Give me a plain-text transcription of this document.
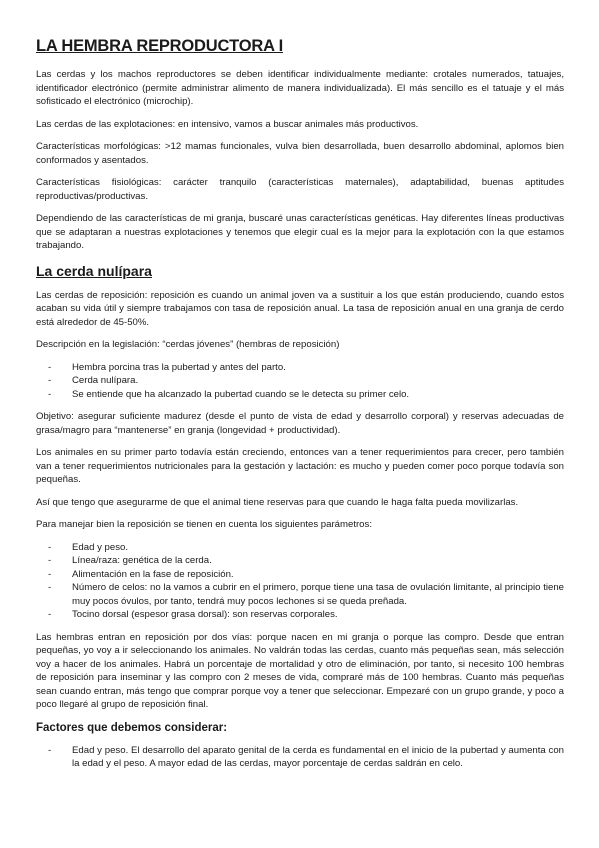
LA HEMBRA REPRODUCTORA I

Las cerdas y los machos reproductores se deben identificar individualmente mediante: crotales numerados, tatuajes, identificador electrónico (permite administrar alimento de manera individualizada). El más sencillo es el tatuaje y el más sofisticado el electrónico (microchip).

Las cerdas de las explotaciones: en intensivo, vamos a buscar animales más productivos.

Características morfológicas: >12 mamas funcionales, vulva bien desarrollada, buen desarrollo abdominal, aplomos bien conformados y asentados.

Características fisiológicas: carácter tranquilo (características maternales), adaptabilidad, buenas aptitudes reproductivas/productivas.

Dependiendo de las características de mi granja, buscaré unas características genéticas. Hay diferentes líneas productivas que se adaptaran a nuestras explotaciones y tenemos que elegir cual es la mejor para la explotación con la que estamos trabajando.

La cerda nulípara

Las cerdas de reposición: reposición es cuando un animal joven va a sustituir a los que están produciendo, cuando estos acaban su vida útil y siempre trabajamos con tasa de reposición anual. La tasa de reposición anual en una granja de cerdo está alrededor de 45-50%.

Descripción en la legislación: “cerdas jóvenes” (hembras de reposición)

- Hembra porcina tras la pubertad y antes del parto.
- Cerda nulípara.
- Se entiende que ha alcanzado la pubertad cuando se le detecta su primer celo.

Objetivo: asegurar suficiente madurez (desde el punto de vista de edad y desarrollo corporal) y reservas adecuadas de grasa/magro para “mantenerse” en granja (longevidad + productividad).

Los animales en su primer parto todavía están creciendo, entonces van a tener requerimientos para crecer, pero también van a tener requerimientos nutricionales para la gestación y lactación: es mucho y pueden comer poco porque todavía son pequeñas.

Así que tengo que asegurarme de que el animal tiene reservas para que cuando le haga falta pueda movilizarlas.

Para manejar bien la reposición se tienen en cuenta los siguientes parámetros:

- Edad y peso.
- Línea/raza: genética de la cerda.
- Alimentación en la fase de reposición.
- Número de celos: no la vamos a cubrir en el primero, porque tiene una tasa de ovulación limitante, al principio tiene muy pocos óvulos, por tanto, tendrá muy pocos lechones si se queda preñada.
- Tocino dorsal (espesor grasa dorsal): son reservas corporales.

Las hembras entran en reposición por dos vías: porque nacen en mi granja o porque las compro. Desde que entran pequeñas, yo voy a ir seleccionando los animales. No valdrán todas las cerdas, cuanto más pequeñas sean, más selección voy a hacer de los animales. Habrá un porcentaje de mortalidad y otro de eliminación, por tanto, si necesito 100 hembras de reposición para inseminar y las compro con 2 meses de vida, compraré más de 100 hembras. Cuanto más pequeñas sean cuando entran, más tengo que comprar porque voy a tener que seleccionar. Empezaré con un grupo grande, y poco a poco llegaré al grupo de reposición final.

Factores que debemos considerar:
- Edad y peso. El desarrollo del aparato genital de la cerda es fundamental en el inicio de la pubertad y aumenta con la edad y el peso. A mayor edad de las cerdas, mayor porcentaje de cerdas saldrán en celo.
